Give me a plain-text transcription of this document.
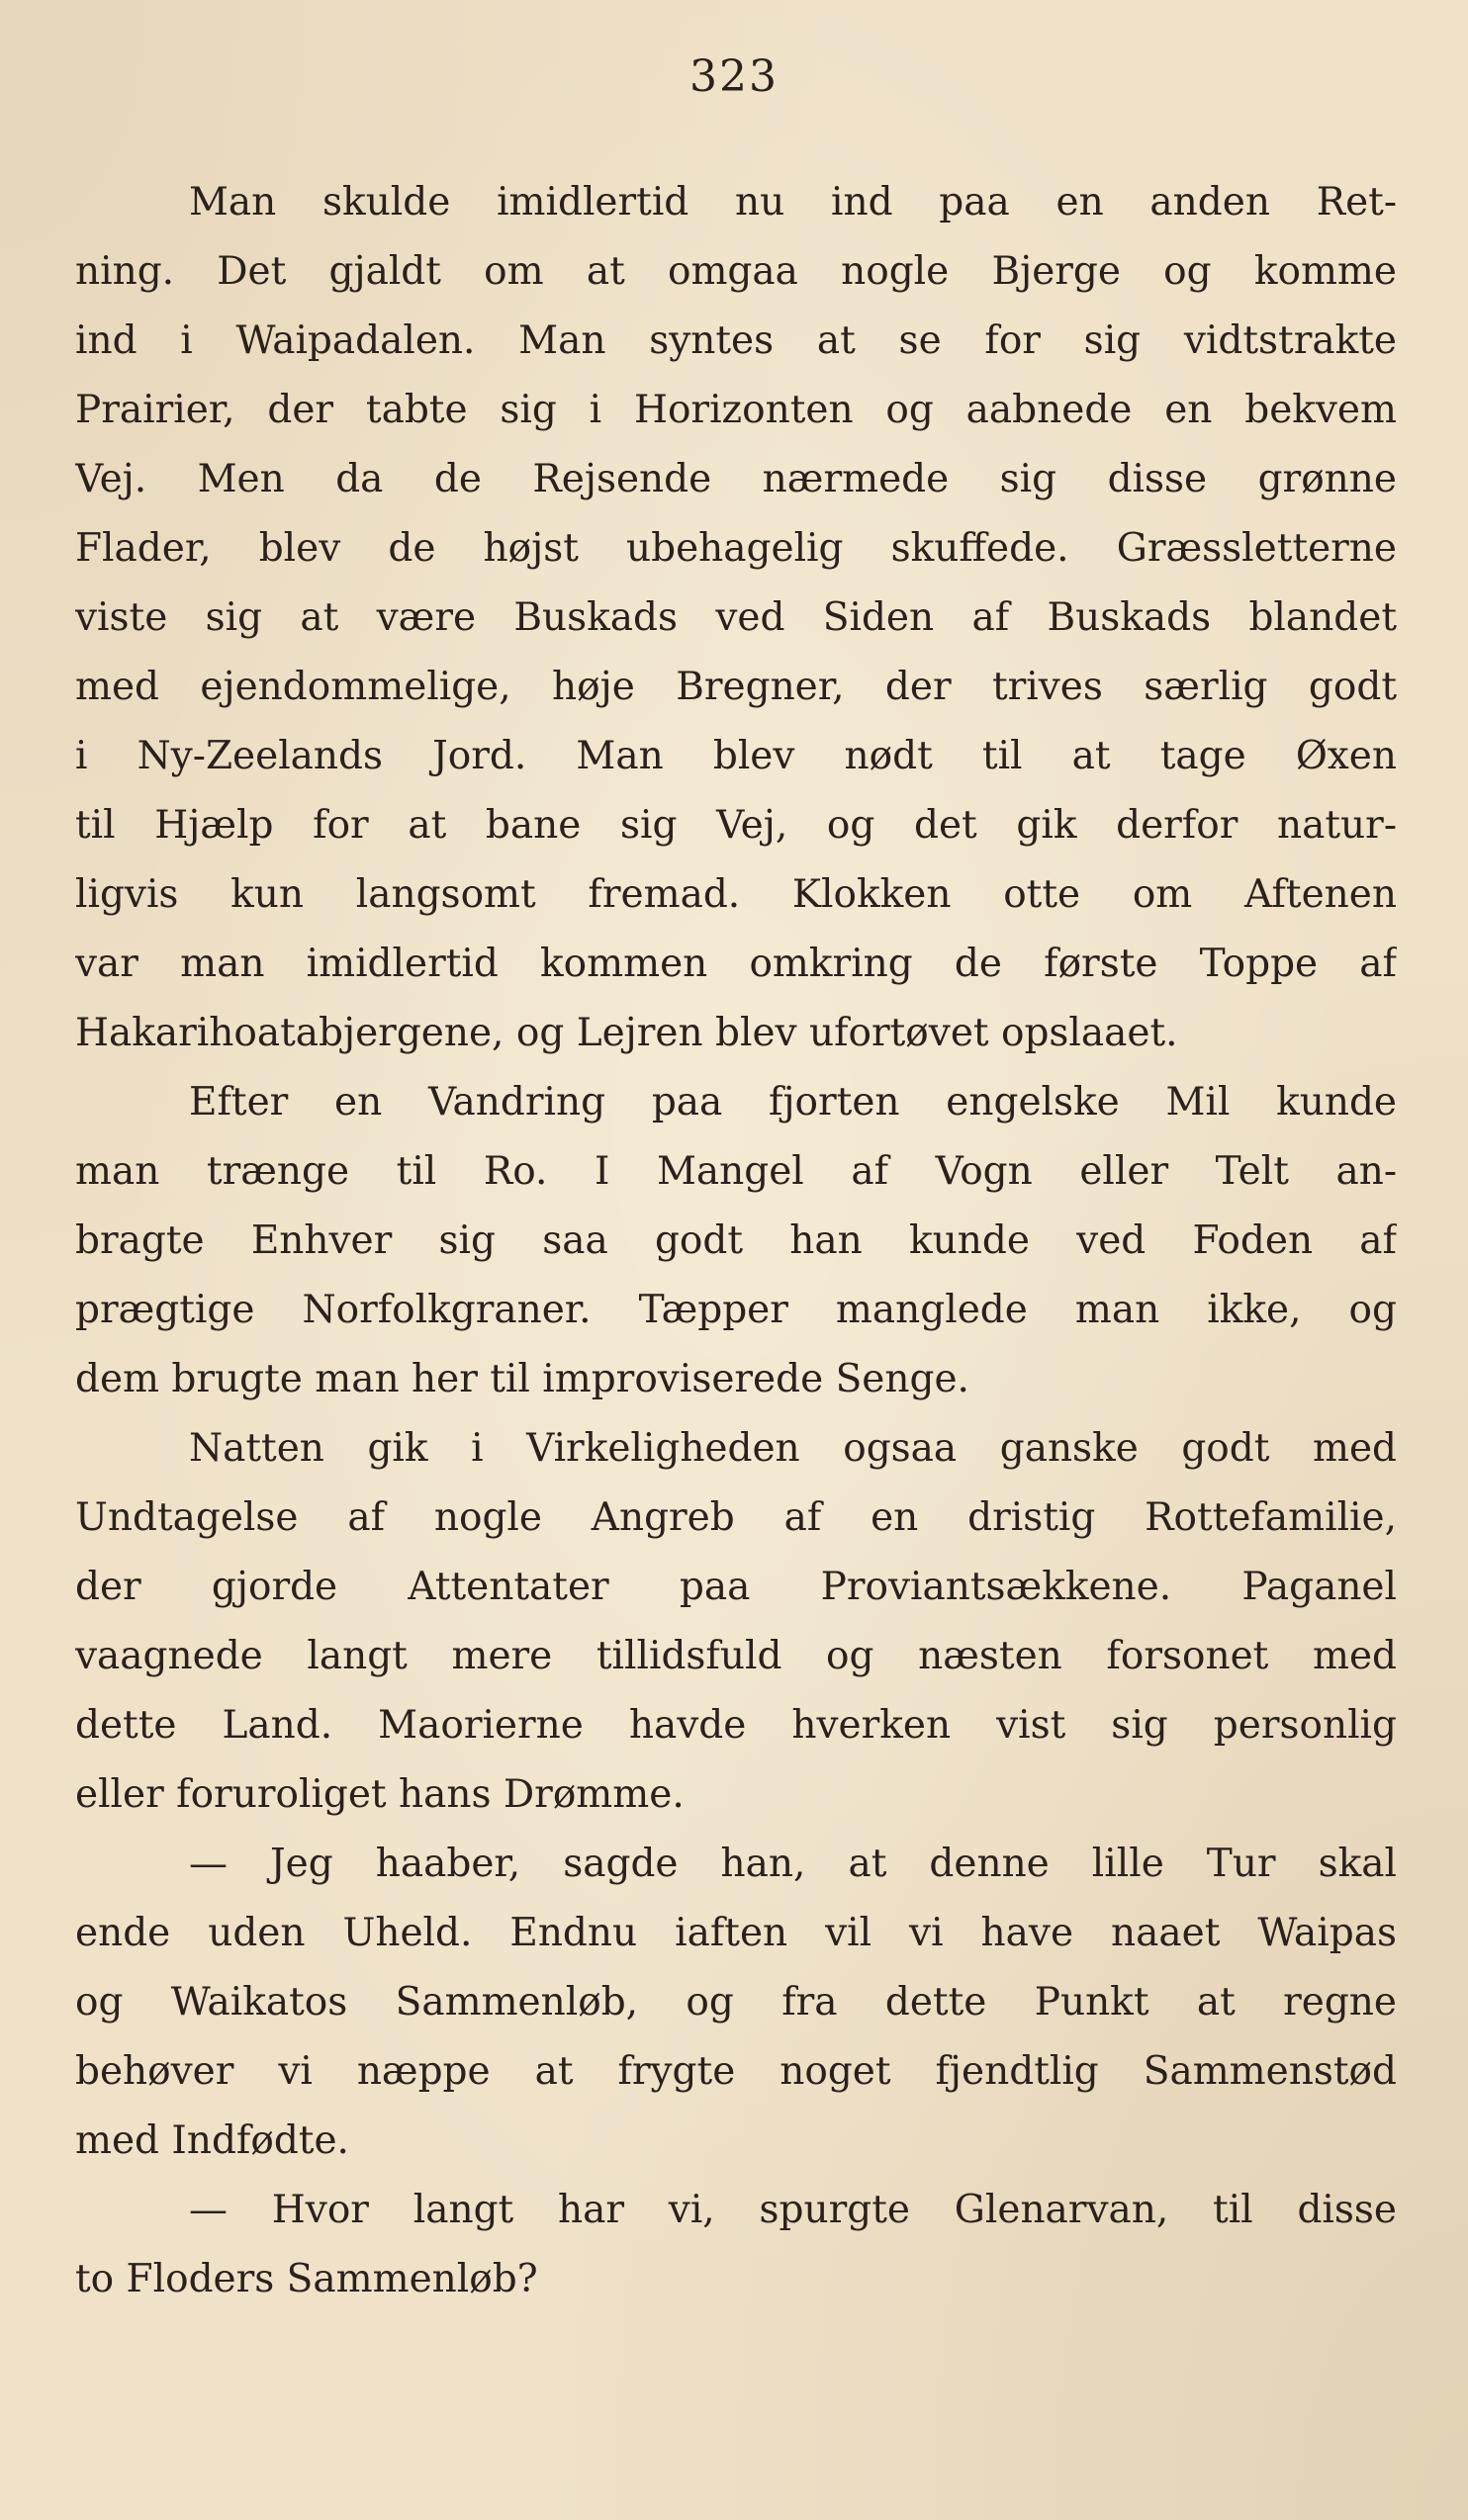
323
Man skulde imidlertid nu ind paa en anden Ret-
ning. Det gjaldt om at omgaa nogle Bjerge og komme
ind i Waipadalen. Man syntes at se for sig vidtstrakte
Prairier, der tabte sig i Horizonten og aabnede en bekvem
Vej. Men da de Rejsende nærmede sig disse grønne
Flader, blev de højst ubehagelig skuffede. Græssletterne
viste sig at være Buskads ved Siden af Buskads blandet
med ejendommelige, høje Bregner, der trives særlig godt
i Ny-Zeelands Jord. Man blev nødt til at tage Øxen
til Hjælp for at bane sig Vej, og det gik derfor natur-
ligvis kun langsomt fremad. Klokken otte om Aftenen
var man imidlertid kommen omkring de første Toppe af
Hakarihoatabjergene, og Lejren blev ufortøvet opslaaet.
Efter en Vandring paa fjorten engelske Mil kunde
man trænge til Ro. I Mangel af Vogn eller Telt an-
bragte Enhver sig saa godt han kunde ved Foden af
prægtige Norfolkgraner. Tæpper manglede man ikke, og
dem brugte man her til improviserede Senge.
Natten gik i Virkeligheden ogsaa ganske godt med
Undtagelse af nogle Angreb af en dristig Rottefamilie,
der gjorde Attentater paa Proviantsækkene. Paganel
vaagnede langt mere tillidsfuld og næsten forsonet med
dette Land. Maorierne havde hverken vist sig personlig
eller foruroliget hans Drømme.
— Jeg haaber, sagde han, at denne lille Tur skal
ende uden Uheld. Endnu iaften vil vi have naaet Waipas
og Waikatos Sammenløb, og fra dette Punkt at regne
behøver vi næppe at frygte noget fjendtlig Sammenstød
med Indfødte.
— Hvor langt har vi, spurgte Glenarvan, til disse
to Floders Sammenløb?
